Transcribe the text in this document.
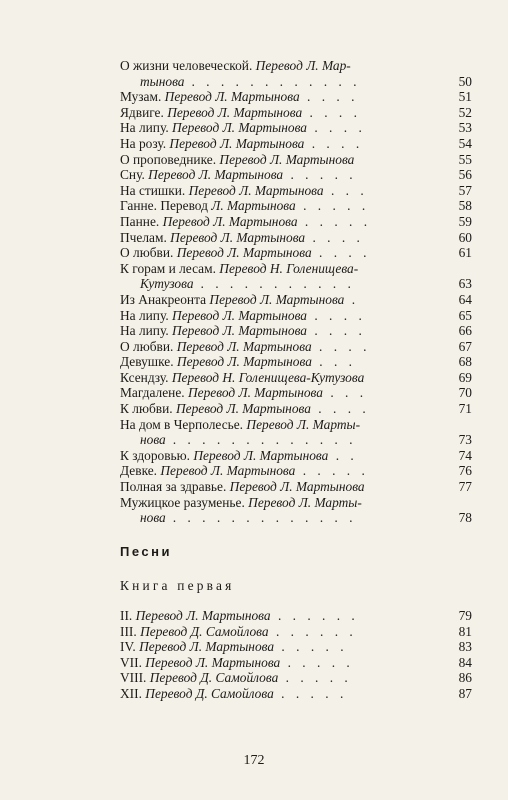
О жизни человеческой. Перевод Л. Мар-
тынова . . . . . . . . . . . .	50
Музам. Перевод Л. Мартынова . . . .	51
Ядвиге. Перевод Л. Мартынова . . . .	52
На липу. Перевод Л. Мартынова . . . .	53
На розу. Перевод Л. Мартынова . . . .	54
О проповеднике. Перевод Л. Мартынова	55
Сну. Перевод Л. Мартынова . . . . .	56
На стишки. Перевод Л. Мартынова . . .	57
Ганне. Перевод Л. Мартынова . . . . .	58
Панне. Перевод Л. Мартынова . . . . .	59
Пчелам. Перевод Л. Мартынова . . . .	60
О любви. Перевод Л. Мартынова . . . .	61
К горам и лесам. Перевод Н. Голенищева-
Кутузова . . . . . . . . . . .	63
Из Анакреонта Перевод Л. Мартынова .	64
На липу. Перевод Л. Мартынова . . . .	65
На липу. Перевод Л. Мартынова . . . .	66
О любви. Перевод Л. Мартынова . . . .	67
Девушке. Перевод Л. Мартынова . . .	68
Ксендзу. Перевод Н. Голенищева-Кутузова	69
Магдалене. Перевод Л. Мартынова . . .	70
К любви. Перевод Л. Мартынова . . . .	71
На дом в Черполесье. Перевод Л. Марты-
нова . . . . . . . . . . . . .	73
К здоровью. Перевод Л. Мартынова . .	74
Девке. Перевод Л. Мартынова . . . . .	76
Полная за здравье. Перевод Л. Мартынова	77
Мужицкое разуменье. Перевод Л. Марты-
нова . . . . . . . . . . . . .	78
Песни
Книга первая
II. Перевод Л. Мартынова . . . . . .	79
III. Перевод Д. Самойлова . . . . . .	81
IV. Перевод Л. Мартынова . . . . .	83
VII. Перевод Л. Мартынова . . . . .	84
VIII. Перевод Д. Самойлова . . . . .	86
XII. Перевод Д. Самойлова . . . . .	87
172
